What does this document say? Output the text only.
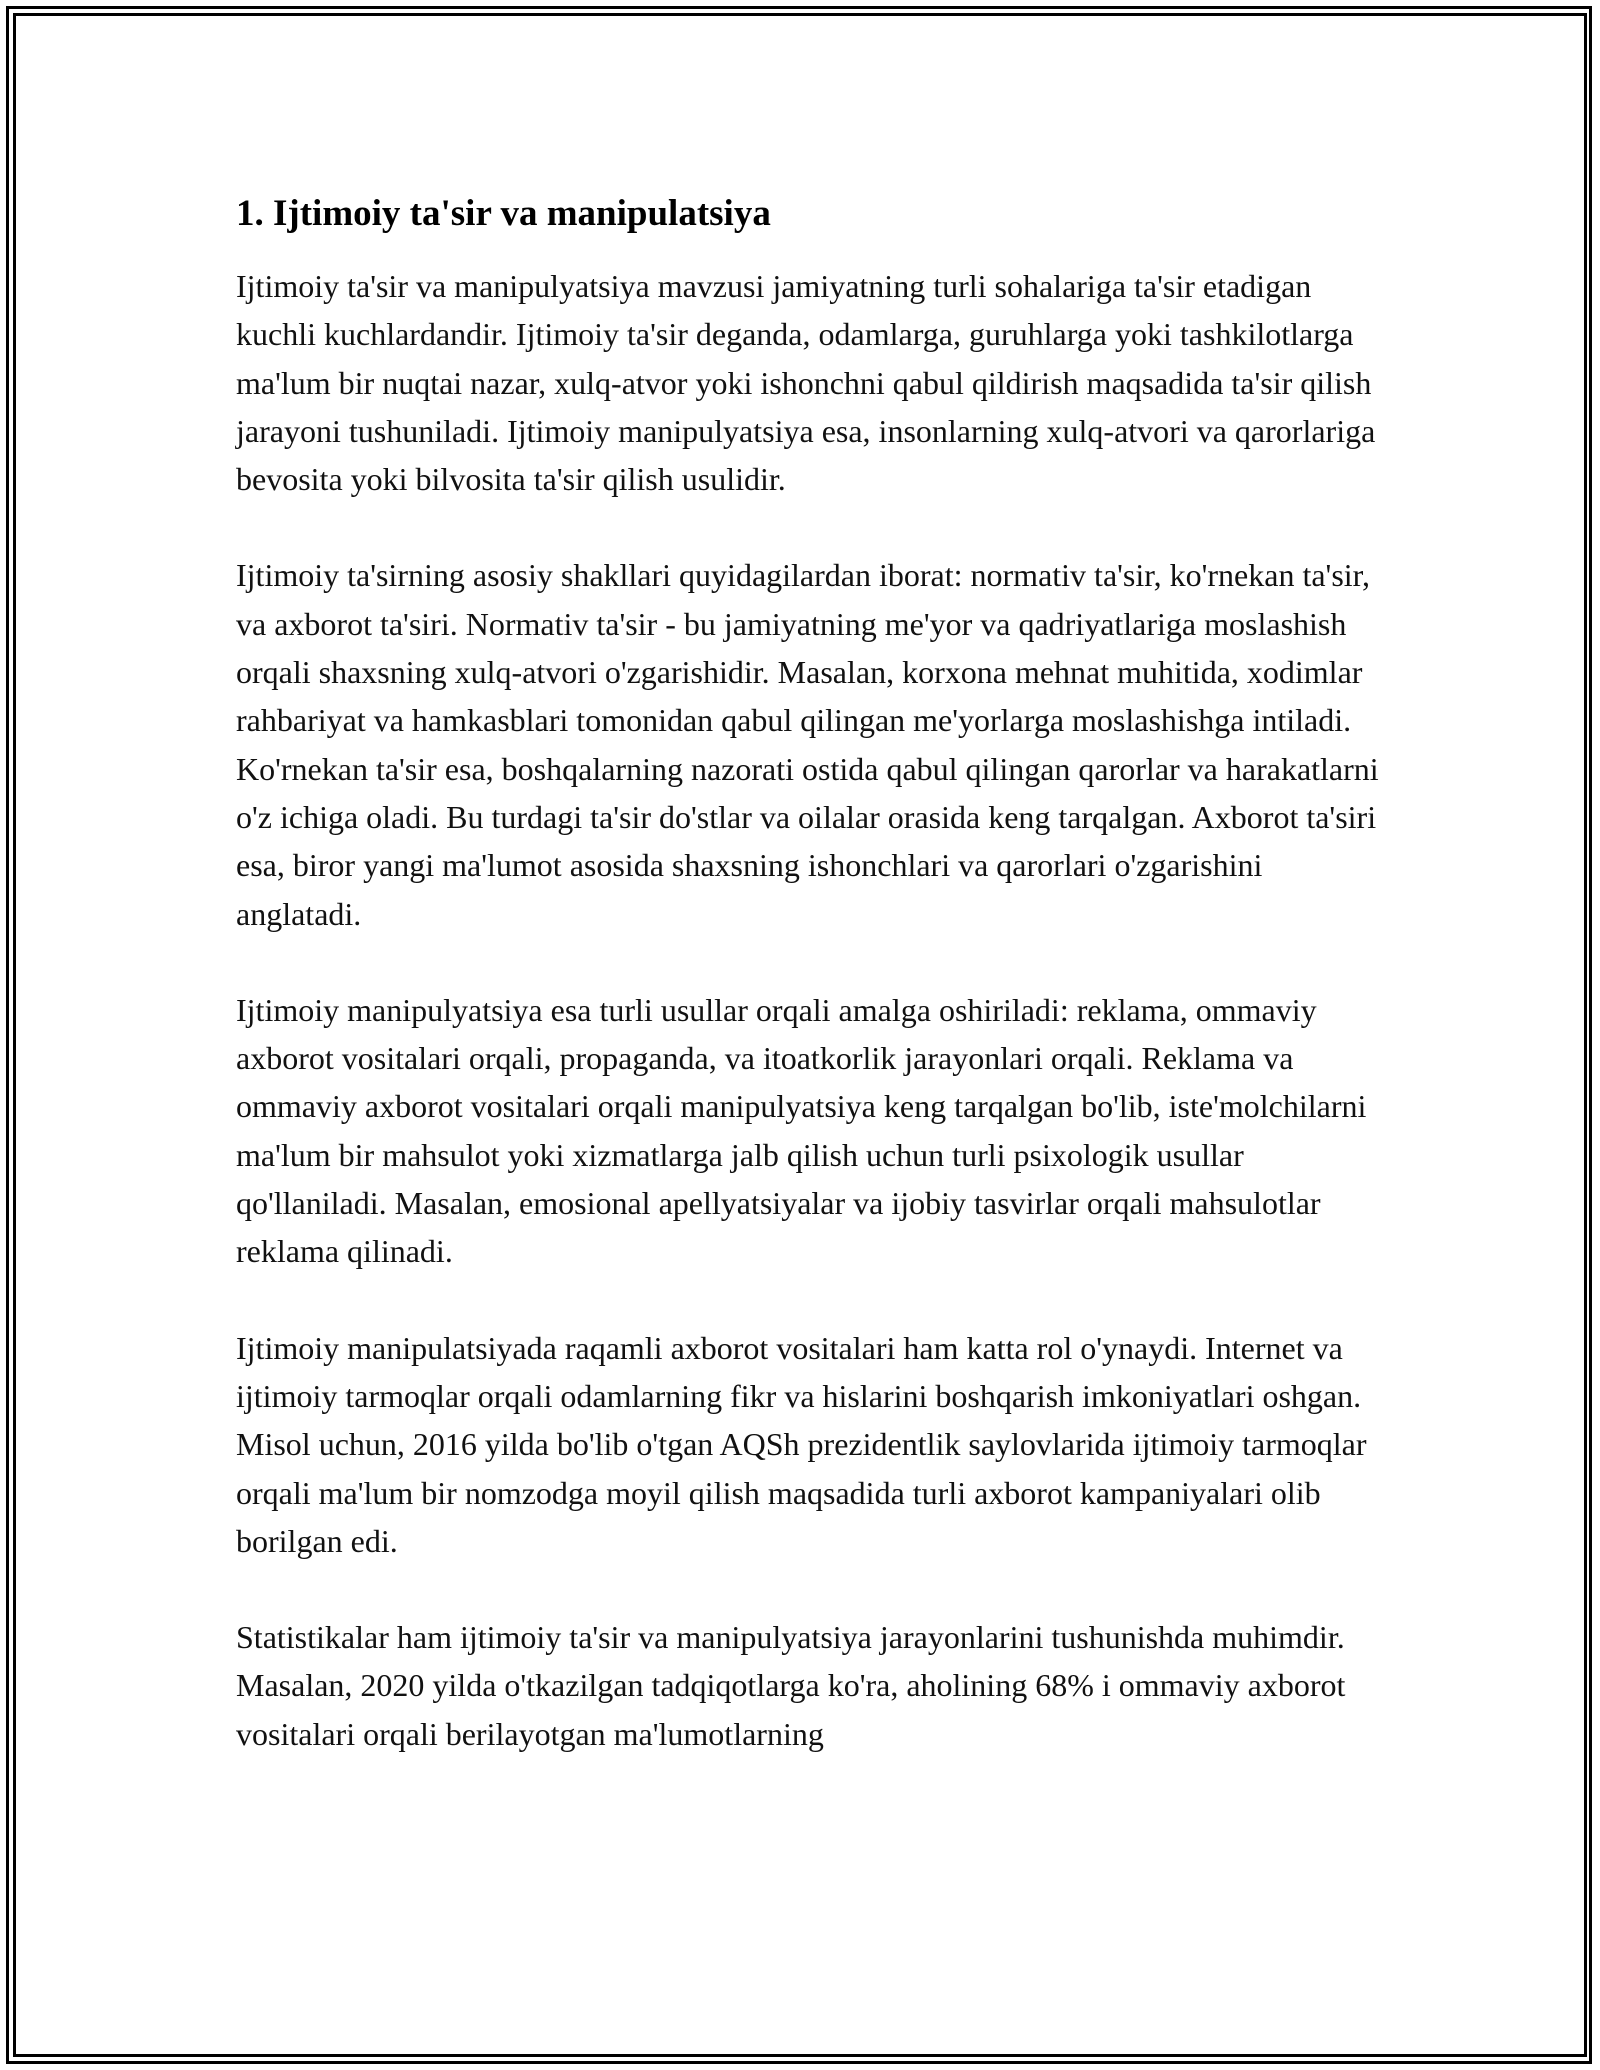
1. Ijtimoiy ta'sir va manipulatsiya

Ijtimoiy ta'sir va manipulyatsiya mavzusi jamiyatning turli sohalariga ta'sir etadigan kuchli kuchlardandir. Ijtimoiy ta'sir deganda, odamlarga, guruhlarga yoki tashkilotlarga ma'lum bir nuqtai nazar, xulq-atvor yoki ishonchni qabul qildirish maqsadida ta'sir qilish jarayoni tushuniladi. Ijtimoiy manipulyatsiya esa, insonlarning xulq-atvori va qarorlariga bevosita yoki bilvosita ta'sir qilish usulidir.

Ijtimoiy ta'sirning asosiy shakllari quyidagilardan iborat: normativ ta'sir, ko'rnekan ta'sir, va axborot ta'siri. Normativ ta'sir - bu jamiyatning me'yor va qadriyatlariga moslashish orqali shaxsning xulq-atvori o'zgarishidir. Masalan, korxona mehnat muhitida, xodimlar rahbariyat va hamkasblari tomonidan qabul qilingan me'yorlarga moslashishga intiladi. Ko'rnekan ta'sir esa, boshqalarning nazorati ostida qabul qilingan qarorlar va harakatlarni o'z ichiga oladi. Bu turdagi ta'sir do'stlar va oilalar orasida keng tarqalgan. Axborot ta'siri esa, biror yangi ma'lumot asosida shaxsning ishonchlari va qarorlari o'zgarishini anglatadi.

Ijtimoiy manipulyatsiya esa turli usullar orqali amalga oshiriladi: reklama, ommaviy axborot vositalari orqali, propaganda, va itoatkorlik jarayonlari orqali. Reklama va ommaviy axborot vositalari orqali manipulyatsiya keng tarqalgan bo'lib, iste'molchilarni ma'lum bir mahsulot yoki xizmatlarga jalb qilish uchun turli psixologik usullar qo'llaniladi. Masalan, emosional apellyatsiyalar va ijobiy tasvirlar orqali mahsulotlar reklama qilinadi.

Ijtimoiy manipulatsiyada raqamli axborot vositalari ham katta rol o'ynaydi. Internet va ijtimoiy tarmoqlar orqali odamlarning fikr va hislarini boshqarish imkoniyatlari oshgan. Misol uchun, 2016 yilda bo'lib o'tgan AQSh prezidentlik saylovlarida ijtimoiy tarmoqlar orqali ma'lum bir nomzodga moyil qilish maqsadida turli axborot kampaniyalari olib borilgan edi.

Statistikalar ham ijtimoiy ta'sir va manipulyatsiya jarayonlarini tushunishda muhimdir. Masalan, 2020 yilda o'tkazilgan tadqiqotlarga ko'ra, aholining 68% i ommaviy axborot vositalari orqali berilayotgan ma'lumotlarning
